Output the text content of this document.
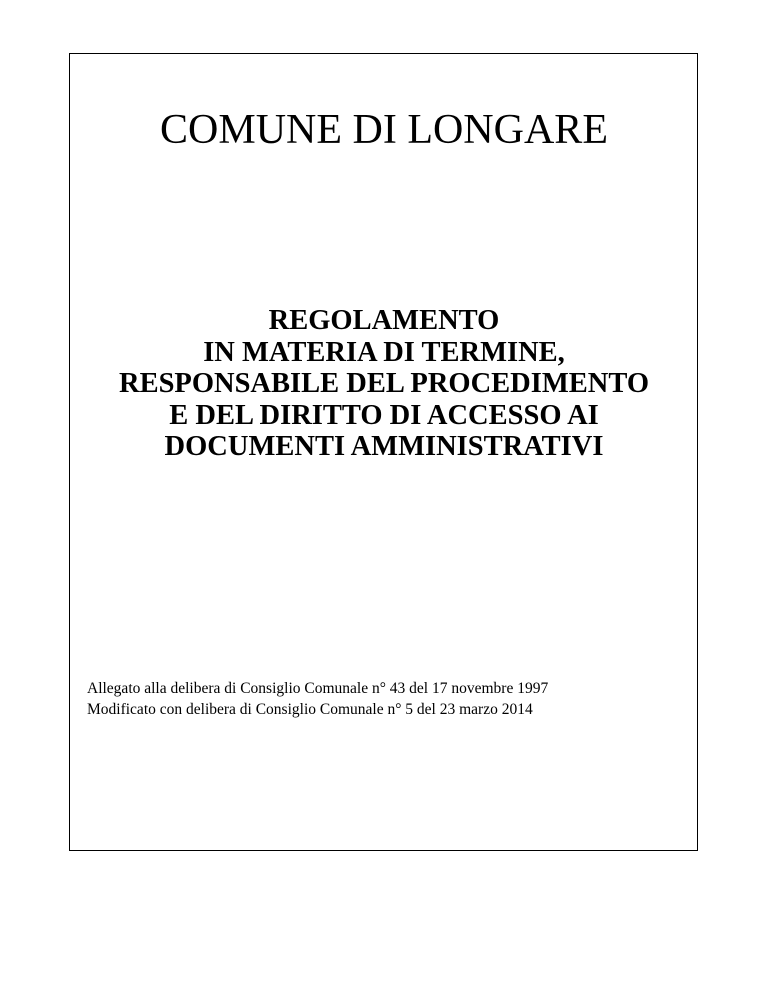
COMUNE DI LONGARE
REGOLAMENTO
IN MATERIA DI TERMINE,
RESPONSABILE DEL PROCEDIMENTO
E DEL DIRITTO DI ACCESSO AI
DOCUMENTI AMMINISTRATIVI
Allegato alla delibera di Consiglio Comunale n° 43 del 17 novembre 1997
Modificato con delibera di Consiglio Comunale n° 5 del 23 marzo 2014
